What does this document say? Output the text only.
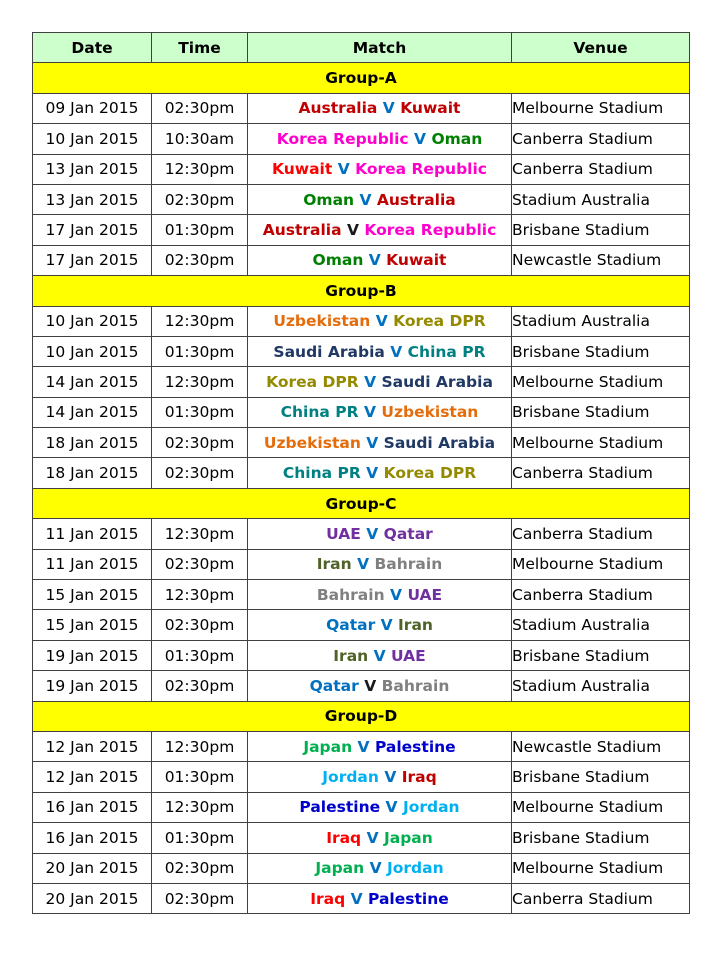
Date	Time	Match	Venue
Group-A			
09 Jan 2015	02:30pm	Australia V Kuwait	Melbourne Stadium
10 Jan 2015	10:30am	Korea Republic V Oman	Canberra Stadium
13 Jan 2015	12:30pm	Kuwait V Korea Republic	Canberra Stadium
13 Jan 2015	02:30pm	Oman V Australia	Stadium Australia
17 Jan 2015	01:30pm	Australia V Korea Republic	Brisbane Stadium
17 Jan 2015	02:30pm	Oman V Kuwait	Newcastle Stadium
Group-B			
10 Jan 2015	12:30pm	Uzbekistan V Korea DPR	Stadium Australia
10 Jan 2015	01:30pm	Saudi Arabia V China PR	Brisbane Stadium
14 Jan 2015	12:30pm	Korea DPR V Saudi Arabia	Melbourne Stadium
14 Jan 2015	01:30pm	China PR V Uzbekistan	Brisbane Stadium
18 Jan 2015	02:30pm	Uzbekistan V Saudi Arabia	Melbourne Stadium
18 Jan 2015	02:30pm	China PR V Korea DPR	Canberra Stadium
Group-C			
11 Jan 2015	12:30pm	UAE V Qatar	Canberra Stadium
11 Jan 2015	02:30pm	Iran V Bahrain	Melbourne Stadium
15 Jan 2015	12:30pm	Bahrain V UAE	Canberra Stadium
15 Jan 2015	02:30pm	Qatar V Iran	Stadium Australia
19 Jan 2015	01:30pm	Iran V UAE	Brisbane Stadium
19 Jan 2015	02:30pm	Qatar V Bahrain	Stadium Australia
Group-D			
12 Jan 2015	12:30pm	Japan V Palestine	Newcastle Stadium
12 Jan 2015	01:30pm	Jordan V Iraq	Brisbane Stadium
16 Jan 2015	12:30pm	Palestine V Jordan	Melbourne Stadium
16 Jan 2015	01:30pm	Iraq V Japan	Brisbane Stadium
20 Jan 2015	02:30pm	Japan V Jordan	Melbourne Stadium
20 Jan 2015	02:30pm	Iraq V Palestine	Canberra Stadium
